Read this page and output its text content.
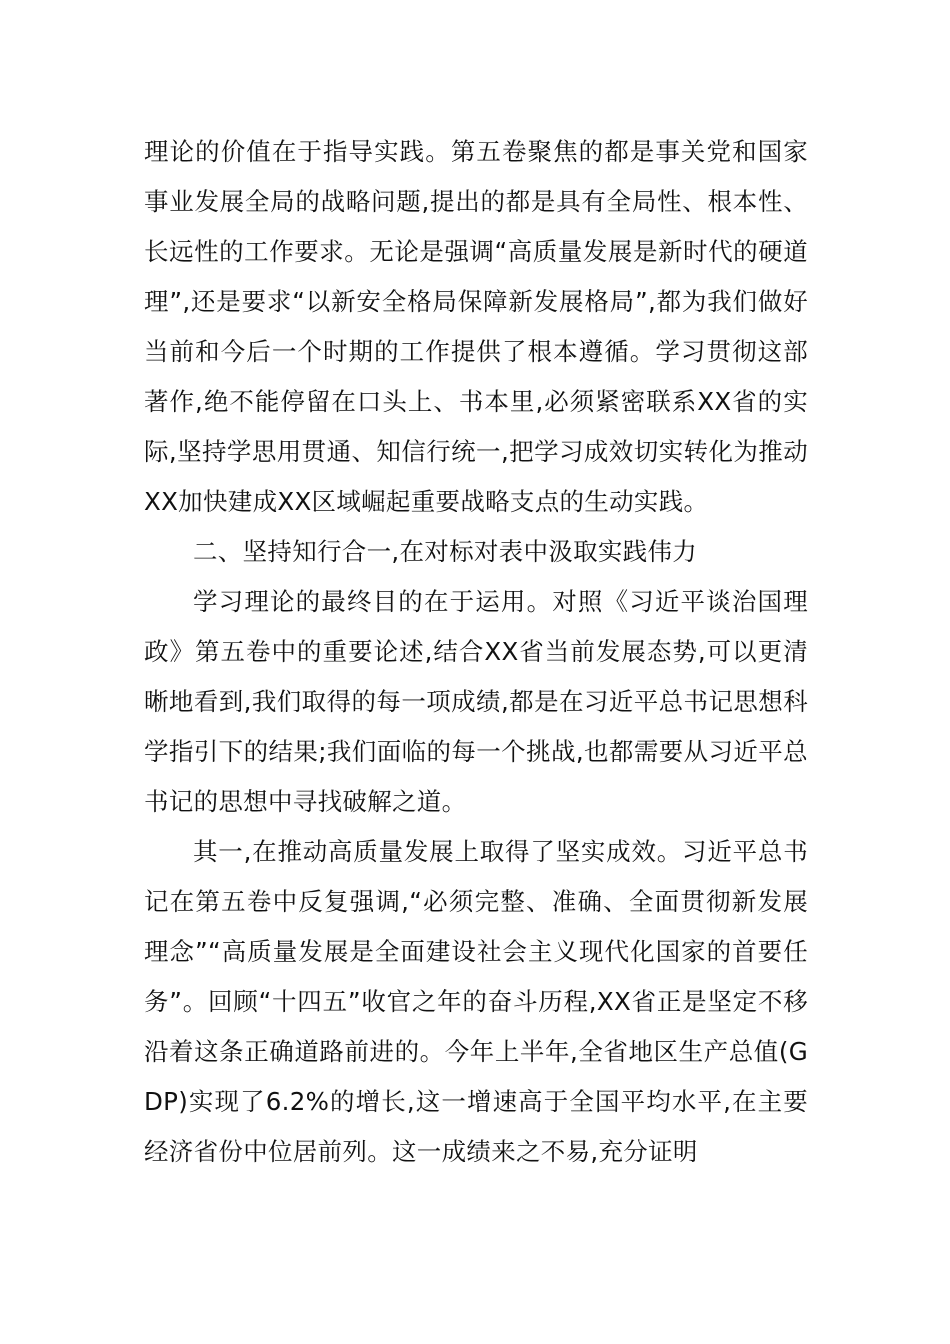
理论的价值在于指导实践。第五卷聚焦的都是事关党和国家事业发展全局的战略问题,提出的都是具有全局性、根本性、长远性的工作要求。无论是强调“高质量发展是新时代的硬道理”,还是要求“以新安全格局保障新发展格局”,都为我们做好当前和今后一个时期的工作提供了根本遵循。学习贯彻这部著作,绝不能停留在口头上、书本里,必须紧密联系XX省的实际,坚持学思用贯通、知信行统一,把学习成效切实转化为推动XX加快建成XX区域崛起重要战略支点的生动实践。

二、坚持知行合一,在对标对表中汲取实践伟力

学习理论的最终目的在于运用。对照《习近平谈治国理政》第五卷中的重要论述,结合XX省当前发展态势,可以更清晰地看到,我们取得的每一项成绩,都是在习近平总书记思想科学指引下的结果;我们面临的每一个挑战,也都需要从习近平总书记的思想中寻找破解之道。

其一,在推动高质量发展上取得了坚实成效。习近平总书记在第五卷中反复强调,“必须完整、准确、全面贯彻新发展理念”“高质量发展是全面建设社会主义现代化国家的首要任务”。回顾“十四五”收官之年的奋斗历程,XX省正是坚定不移沿着这条正确道路前进的。今年上半年,全省地区生产总值(GDP)实现了6.2%的增长,这一增速高于全国平均水平,在主要经济省份中位居前列。这一成绩来之不易,充分证明
